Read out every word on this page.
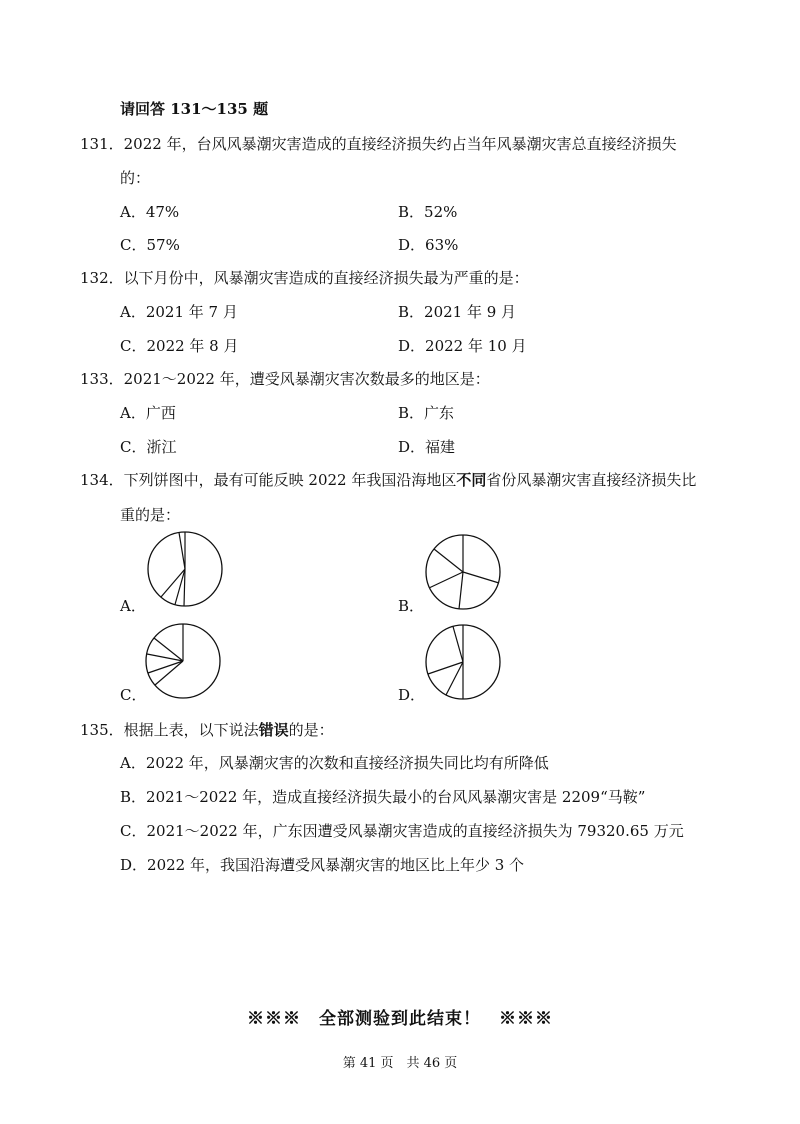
请回答 131～135 题
131．2022 年，台风风暴潮灾害造成的直接经济损失约占当年风暴潮灾害总直接经济损失
的：
A．47%	B．52%
C．57%	D．63%
132．以下月份中，风暴潮灾害造成的直接经济损失最为严重的是：
A．2021 年 7 月	B．2021 年 9 月
C．2022 年 8 月	D．2022 年 10 月
133．2021～2022 年，遭受风暴潮灾害次数最多的地区是：
A．广西	B．广东
C．浙江	D．福建
134．下列饼图中，最有可能反映 2022 年我国沿海地区不同省份风暴潮灾害直接经济损失比
重的是：
A．	B．
C．	D．
135．根据上表，以下说法错误的是：
A．2022 年，风暴潮灾害的次数和直接经济损失同比均有所降低
B．2021～2022 年，造成直接经济损失最小的台风风暴潮灾害是 2209“马鞍”
C．2021～2022 年，广东因遭受风暴潮灾害造成的直接经济损失为 79320.65 万元
D．2022 年，我国沿海遭受风暴潮灾害的地区比上年少 3 个
※※※　全部测验到此结束！　※※※
第 41 页　共 46 页
